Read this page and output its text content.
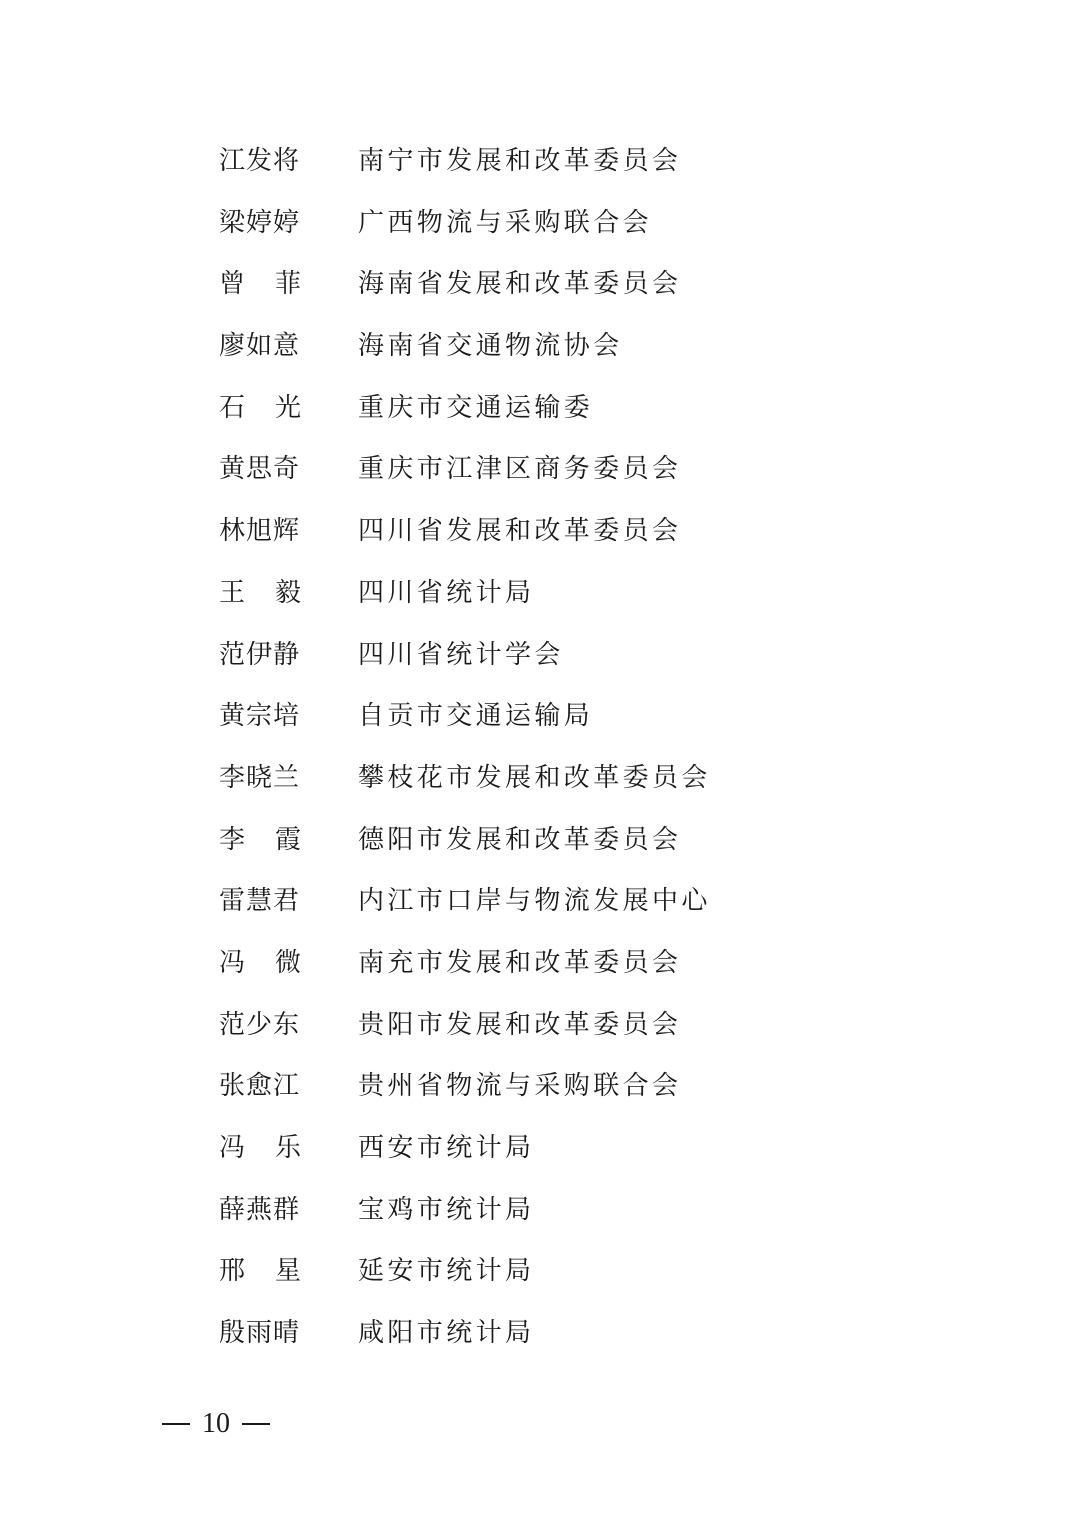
江发将 南宁市发展和改革委员会
梁婷婷 广西物流与采购联合会
曾 菲 海南省发展和改革委员会
廖如意 海南省交通物流协会
石 光 重庆市交通运输委
黄思奇 重庆市江津区商务委员会
林旭辉 四川省发展和改革委员会
王 毅 四川省统计局
范伊静 四川省统计学会
黄宗培 自贡市交通运输局
李晓兰 攀枝花市发展和改革委员会
李 霞 德阳市发展和改革委员会
雷慧君 内江市口岸与物流发展中心
冯 微 南充市发展和改革委员会
范少东 贵阳市发展和改革委员会
张愈江 贵州省物流与采购联合会
冯 乐 西安市统计局
薛燕群 宝鸡市统计局
邢 星 延安市统计局
殷雨晴 咸阳市统计局
10
